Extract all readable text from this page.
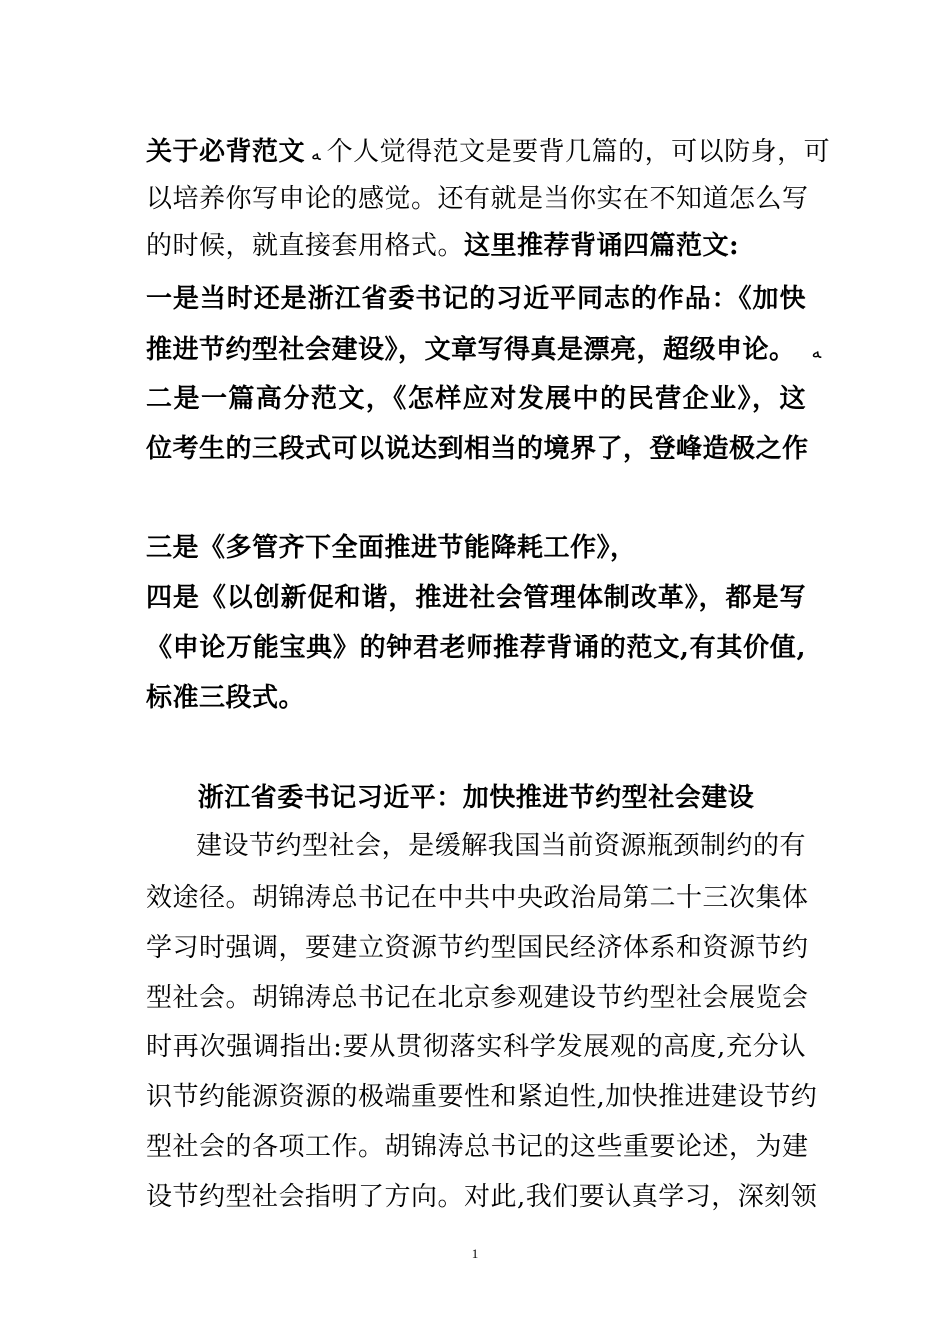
关于必背范文 ﻪ 个人觉得范文是要背几篇的，可以防身，可
以培养你写申论的感觉。还有就是当你实在不知道怎么写
的时候，就直接套用格式。这里推荐背诵四篇范文:
一是当时还是浙江省委书记的习近平同志的作品：《加快
推进节约型社会建设》，文章写得真是漂亮，超级申论。 ﻪ
二是一篇高分范文，《怎样应对发展中的民营企业》，这
位考生的三段式可以说达到相当的境界了，登峰造极之作
三是《多管齐下全面推进节能降耗工作》，
四是《以创新促和谐，推进社会管理体制改革》，都是写
《申论万能宝典》的钟君老师推荐背诵的范文,有其价值,
标准三段式。
浙江省委书记习近平：加快推进节约型社会建设
建设节约型社会，是缓解我国当前资源瓶颈制约的有
效途径。胡锦涛总书记在中共中央政治局第二十三次集体
学习时强调，要建立资源节约型国民经济体系和资源节约
型社会。胡锦涛总书记在北京参观建设节约型社会展览会
时再次强调指出:要从贯彻落实科学发展观的高度,充分认
识节约能源资源的极端重要性和紧迫性,加快推进建设节约
型社会的各项工作。胡锦涛总书记的这些重要论述，为建
设节约型社会指明了方向。对此,我们要认真学习，深刻领
1
